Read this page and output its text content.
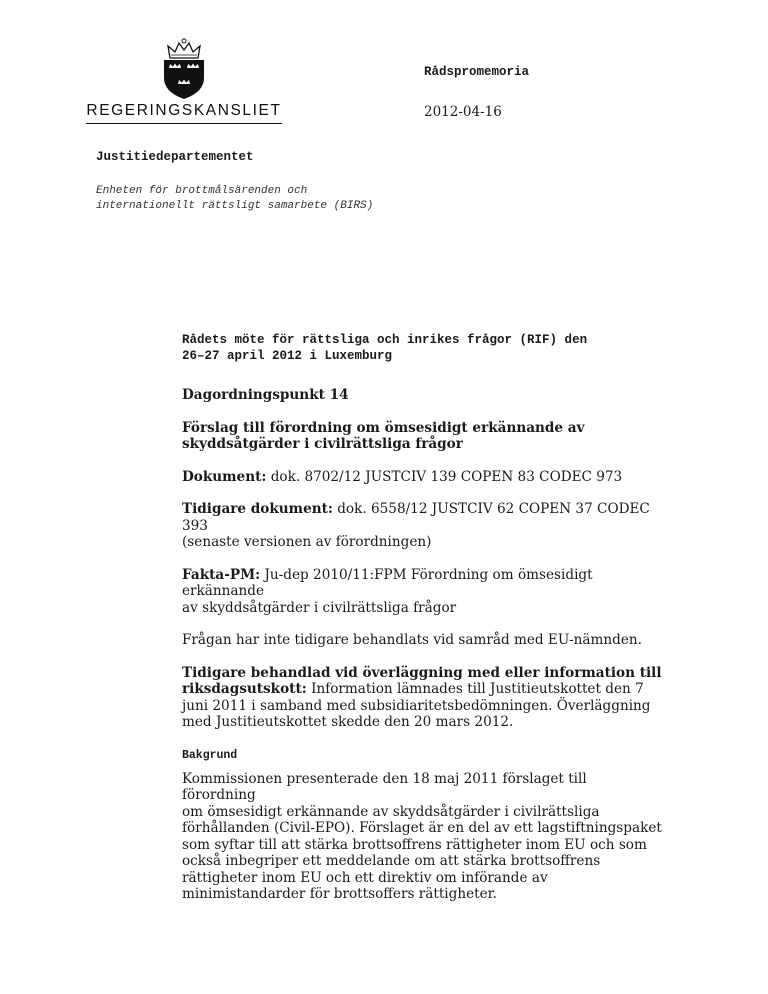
REGERINGSKANSLIET
Rådspromemoria
2012-04-16
Justitiedepartementet
Enheten för brottmålsärenden och
internationellt rättsligt samarbete (BIRS)
Rådets möte för rättsliga och inrikes frågor (RIF) den
26–27 april 2012 i Luxemburg

Dagordningspunkt 14

Förslag till förordning om ömsesidigt erkännande av
skyddsåtgärder i civilrättsliga frågor

Dokument: dok. 8702/12 JUSTCIV 139 COPEN 83 CODEC 973

Tidigare dokument: dok. 6558/12 JUSTCIV 62 COPEN 37 CODEC 393
(senaste versionen av förordningen)
Fakta-PM: Ju-dep 2010/11:FPM Förordning om ömsesidigt erkännande
av skyddsåtgärder i civilrättsliga frågor

Frågan har inte tidigare behandlats vid samråd med EU-nämnden.

Tidigare behandlad vid överläggning med eller information till
riksdagsutskott: Information lämnades till Justitieutskottet den 7
juni 2011 i samband med subsidiaritetsbedömningen. Överläggning
med Justitieutskottet skedde den 20 mars 2012.
Bakgrund
Kommissionen presenterade den 18 maj 2011 förslaget till förordning
om ömsesidigt erkännande av skyddsåtgärder i civilrättsliga
förhållanden (Civil-EPO). Förslaget är en del av ett lagstiftningspaket
som syftar till att stärka brottsoffrens rättigheter inom EU och som
också inbegriper ett meddelande om att stärka brottsoffrens
rättigheter inom EU och ett direktiv om införande av
minimistandarder för brottsoffers rättigheter.
